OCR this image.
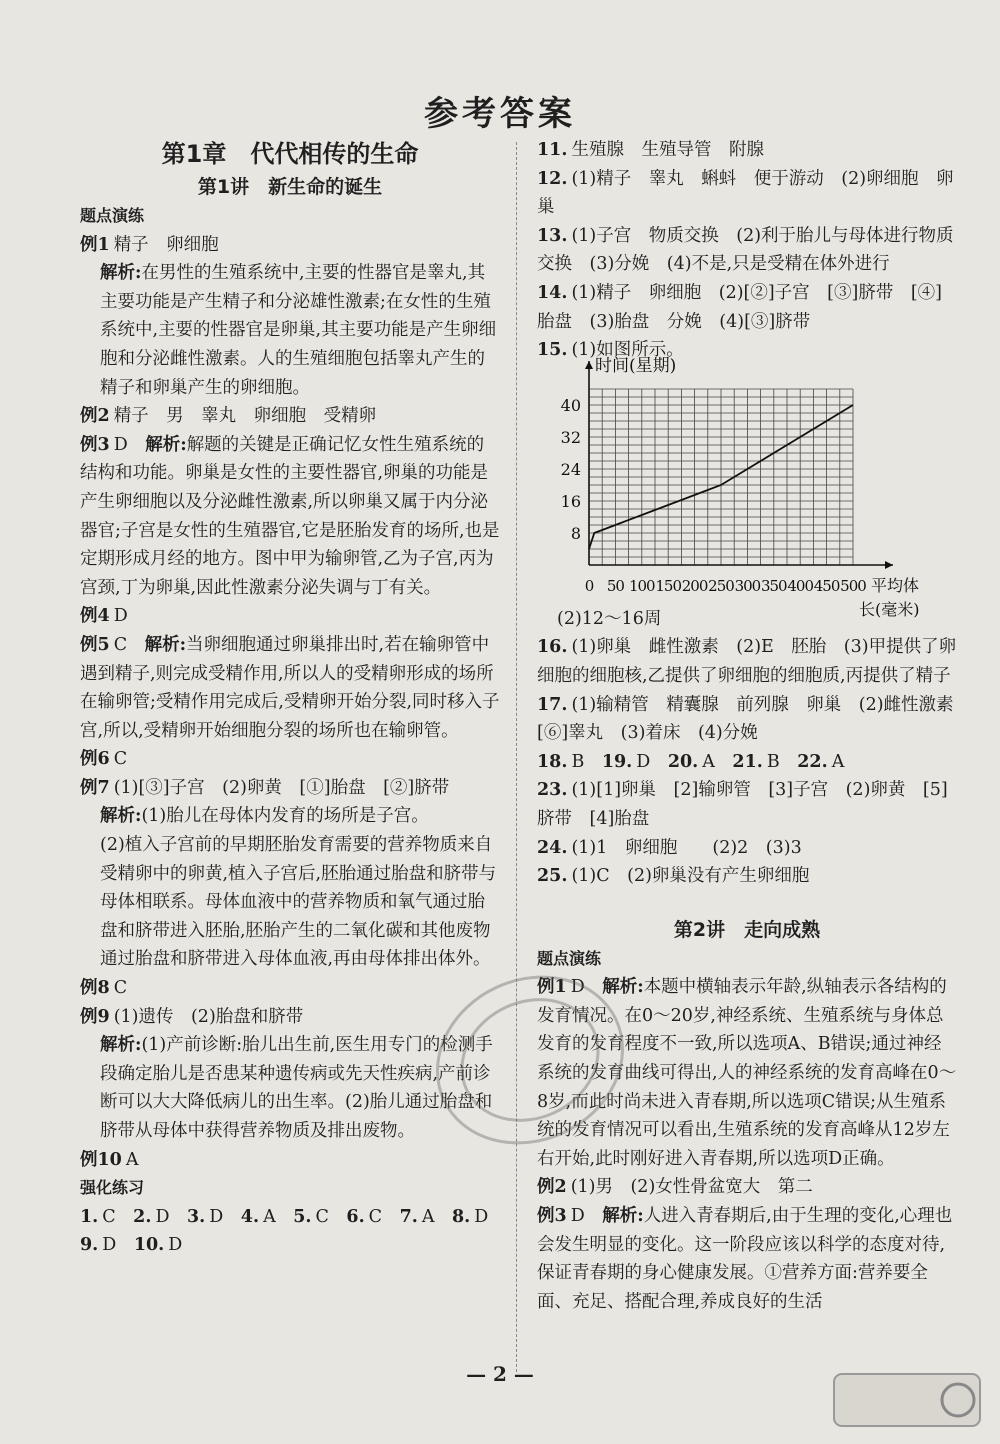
参考答案
第1章　代代相传的生命
第1讲　新生命的诞生
题点演练

例1 精子　卵细胞

解析:在男性的生殖系统中,主要的性器官是睾丸,其主要功能是产生精子和分泌雄性激素;在女性的生殖系统中,主要的性器官是卵巢,其主要功能是产生卵细胞和分泌雌性激素。人的生殖细胞包括睾丸产生的精子和卵巢产生的卵细胞。

例2 精子　男　睾丸　卵细胞　受精卵

例3 D　 解析:解题的关键是正确记忆女性生殖系统的结构和功能。卵巢是女性的主要性器官,卵巢的功能是产生卵细胞以及分泌雌性激素,所以卵巢又属于内分泌器官;子宫是女性的生殖器官,它是胚胎发育的场所,也是定期形成月经的地方。图中甲为输卵管,乙为子宫,丙为宫颈,丁为卵巢,因此性激素分泌失调与丁有关。

例4 D

例5 C　 解析:当卵细胞通过卵巢排出时,若在输卵管中遇到精子,则完成受精作用,所以人的受精卵形成的场所在输卵管;受精作用完成后,受精卵开始分裂,同时移入子宫,所以,受精卵开始细胞分裂的场所也在输卵管。

例6 C

例7 (1)[③]子宫　(2)卵黄　[①]胎盘　[②]脐带

解析:(1)胎儿在母体内发育的场所是子宫。

(2)植入子宫前的早期胚胎发育需要的营养物质来自受精卵中的卵黄,植入子宫后,胚胎通过胎盘和脐带与母体相联系。母体血液中的营养物质和氧气通过胎盘和脐带进入胚胎,胚胎产生的二氧化碳和其他废物通过胎盘和脐带进入母体血液,再由母体排出体外。

例8 C

例9 (1)遗传　(2)胎盘和脐带

解析:(1)产前诊断:胎儿出生前,医生用专门的检测手段确定胎儿是否患某种遗传病或先天性疾病,产前诊断可以大大降低病儿的出生率。(2)胎儿通过胎盘和脐带从母体中获得营养物质及排出废物。

例10 A

强化练习

1. C　 2. D　 3. D　 4. A　 5. C　 6. C　 7. A　 8. D

9. D　 10. D

11. 生殖腺　生殖导管　附腺

12. (1)精子　睾丸　蝌蚪　便于游动　(2)卵细胞　卵巢

13. (1)子宫　物质交换　(2)利于胎儿与母体进行物质交换　(3)分娩　(4)不是,只是受精在体外进行

14. (1)精子　卵细胞　(2)[②]子宫　[③]脐带　[④]胎盘　(3)胎盘　分娩　(4)[③]脐带

15. (1)如图所示。

时间(星期)
8
16
24
32
40
0 50 100 150 200 250 300 350 400 450 500 平均体
长(毫米)

(2)12～16周

16. (1)卵巢　雌性激素　(2)E　胚胎　(3)甲提供了卵细胞的细胞核,乙提供了卵细胞的细胞质,丙提供了精子

17. (1)输精管　精囊腺　前列腺　卵巢　(2)雌性激素　[⑥]睾丸　(3)着床　(4)分娩

18. B　 19. D　 20. A　 21. B　 22. A

23. (1)[1]卵巢　[2]输卵管　[3]子宫　(2)卵黄　[5]脐带　[4]胎盘

24. (1)1　卵细胞　　(2)2　(3)3

25. (1)C　(2)卵巢没有产生卵细胞

第2讲　走向成熟
题点演练

例1 D　 解析:本题中横轴表示年龄,纵轴表示各结构的发育情况。在0～20岁,神经系统、生殖系统与身体总发育的发育程度不一致,所以选项A、B错误;通过神经系统的发育曲线可得出,人的神经系统的发育高峰在0～8岁,而此时尚未进入青春期,所以选项C错误;从生殖系统的发育情况可以看出,生殖系统的发育高峰从12岁左右开始,此时刚好进入青春期,所以选项D正确。

例2 (1)男　(2)女性骨盆宽大　第二

例3 D　 解析:人进入青春期后,由于生理的变化,心理也会发生明显的变化。这一阶段应该以科学的态度对待,保证青春期的身心健康发展。①营养方面:营养要全面、充足、搭配合理,养成良好的生活

— 2 —
